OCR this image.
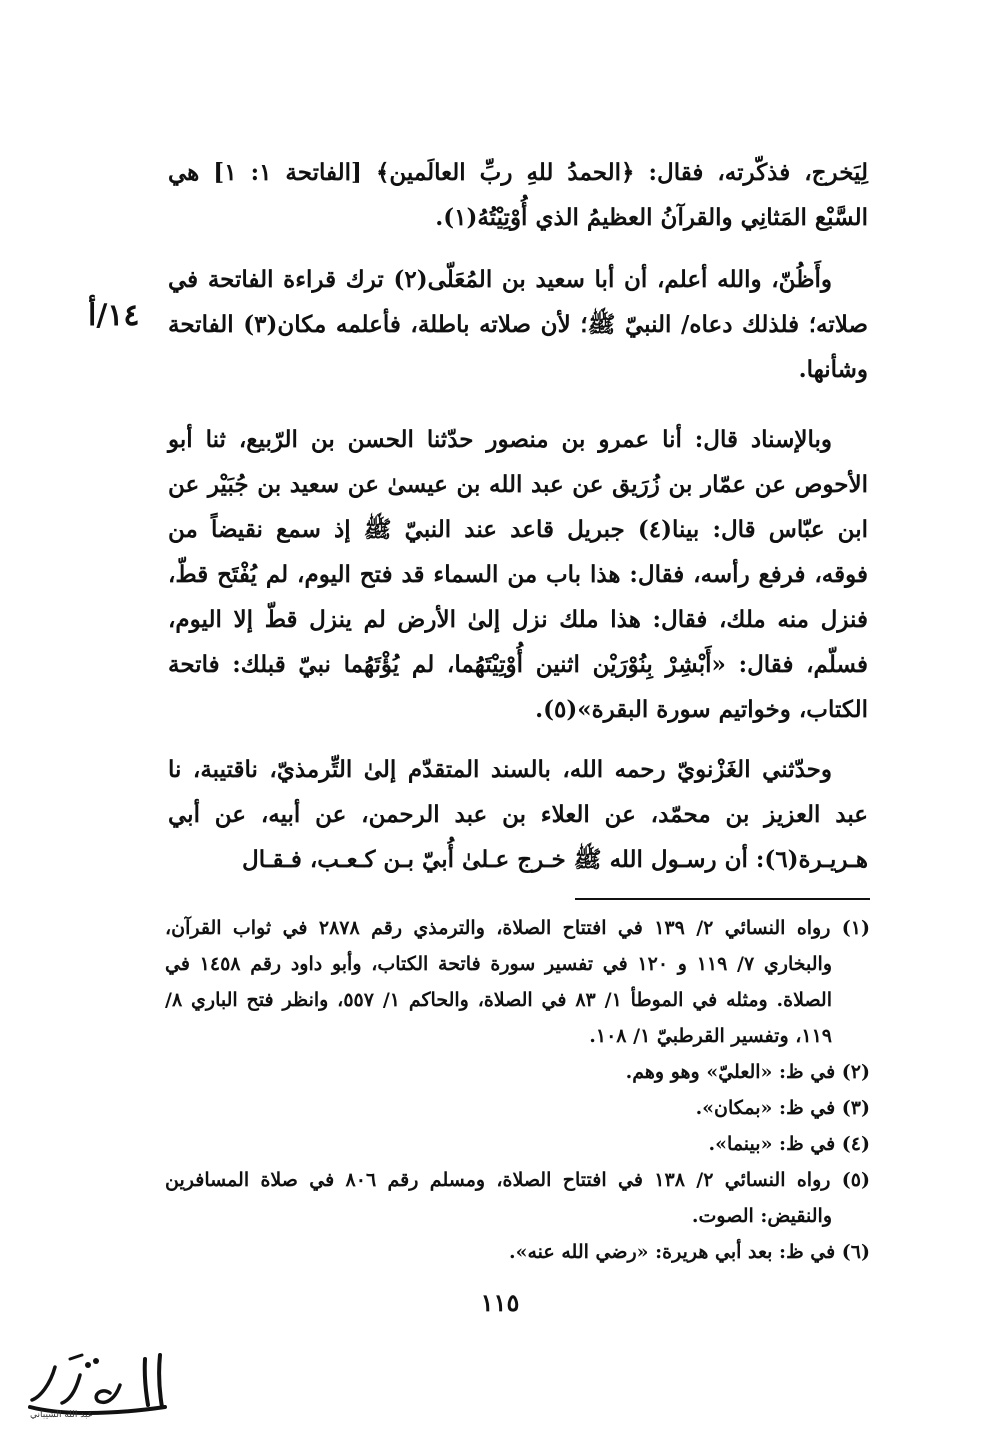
لِيَخرج، فذكّرته، فقال: ﴿الحمدُ للهِ ربِّ العالَمين﴾ [الفاتحة ١: ١] هي السَّبْع المَثانِي والقرآنُ العظيمُ الذي أُوْتِيْتُهُ(١).

وأَظُنّ، والله أعلم، أن أبا سعيد بن المُعَلّى(٢) ترك قراءة الفاتحة في صلاته؛ فلذلك دعاه/ النبيّ ﷺ؛ لأن صلاته باطلة، فأعلمه مكان(٣) الفاتحة وشأنها.

١٤/أ

وبالإسناد قال: أنا عمرو بن منصور حدّثنا الحسن بن الرّبيع، ثنا أبو الأحوص عن عمّار بن زُرَيق عن عبد الله بن عيسىٰ عن سعيد بن جُبَيْر عن ابن عبّاس قال: بينا(٤) جبريل قاعد عند النبيّ ﷺ إذ سمع نقيضاً من فوقه، فرفع رأسه، فقال: هذا باب من السماء قد فتح اليوم، لم يُفْتَح قطّ، فنزل منه ملك، فقال: هذا ملك نزل إلىٰ الأرض لم ينزل قطّ إلا اليوم، فسلّم، فقال: «أَبْشِرْ بِنُوْرَيْن اثنين أُوْتِيْتَهُما، لم يُؤْتَهُما نبيّ قبلك: فاتحة الكتاب، وخواتيم سورة البقرة»(٥).

وحدّثني الغَزْنويّ رحمه الله، بالسند المتقدّم إلىٰ التِّرمذيّ، ناقتيبة، نا عبد العزيز بن محمّد، عن العلاء بن عبد الرحمن، عن أبيه، عن أبي هـريـرة(٦): أن رسـول الله ﷺ خـرج عـلىٰ أُبيّ بـن كـعـب، فـقـال

(١) رواه النسائي ٢/ ١٣٩ في افتتاح الصلاة، والترمذي رقم ٢٨٧٨ في ثواب القرآن، والبخاري ٧/ ١١٩ و ١٢٠ في تفسير سورة فاتحة الكتاب، وأبو داود رقم ١٤٥٨ في الصلاة. ومثله في الموطأ ١/ ٨٣ في الصلاة، والحاكم ١/ ٥٥٧، وانظر فتح الباري ٨/ ١١٩، وتفسير القرطبيّ ١/ ١٠٨.

(٢) في ظ: «العليّ» وهو وهم.

(٣) في ظ: «بمكان».

(٤) في ظ: «بينما».

(٥) رواه النسائي ٢/ ١٣٨ في افتتاح الصلاة، ومسلم رقم ٨٠٦ في صلاة المسافرين والنقيض: الصوت.

(٦) في ظ: بعد أبي هريرة: «رضي الله عنه».

١١٥
عبد الله الشيباني
